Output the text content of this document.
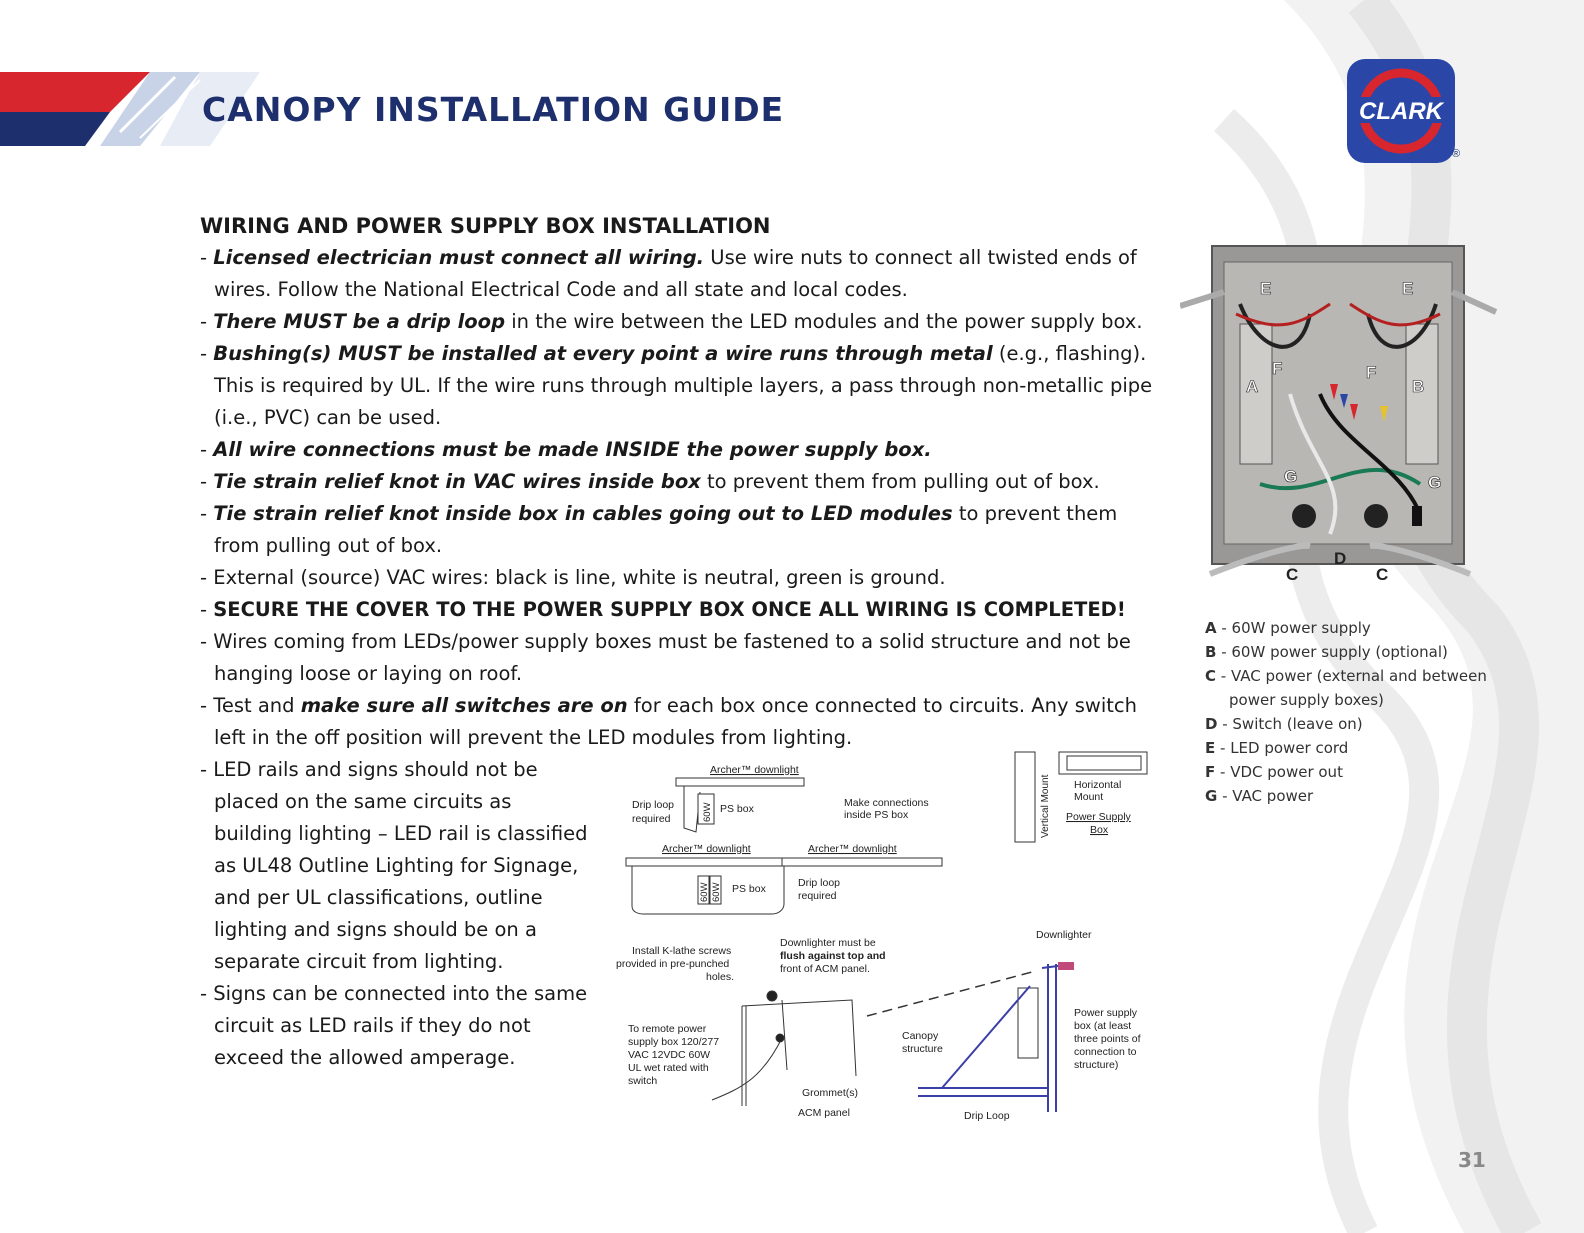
CANOPY INSTALLATION GUIDE	CLARK
®
WIRING AND POWER SUPPLY BOX INSTALLATION
- Licensed electrician must connect all wiring. Use wire nuts to connect all twisted ends of wires. Follow the National Electrical Code and all state and local codes.
- There MUST be a drip loop in the wire between the LED modules and the power supply box.
- Bushing(s) MUST be installed at every point a wire runs through metal (e.g., flashing). This is required by UL. If the wire runs through multiple layers, a pass through non-metallic pipe (i.e., PVC) can be used.
- All wire connections must be made INSIDE the power supply box.
- Tie strain relief knot in VAC wires inside box to prevent them from pulling out of box.
- Tie strain relief knot inside box in cables going out to LED modules to prevent them from pulling out of box.
- External (source) VAC wires: black is line, white is neutral, green is ground.
- SECURE THE COVER TO THE POWER SUPPLY BOX ONCE ALL WIRING IS COMPLETED!
- Wires coming from LEDs/power supply boxes must be fastened to a solid structure and not be hanging loose or laying on roof.
- Test and make sure all switches are on for each box once connected to circuits. Any switch left in the off position will prevent the LED modules from lighting.
- LED rails and signs should not be placed on the same circuits as building lighting – LED rail is classified as UL48 Outline Lighting for Signage, and per UL classifications, outline lighting and signs should be on a separate circuit from lighting.
- Signs can be connected into the same circuit as LED rails if they do not exceed the allowed amperage.
E	E
F	F
A	B
G	G
D
C	C
A - 60W power supply
B - 60W power supply (optional)
C - VAC power (external and between
power supply boxes)
D - Switch (leave on)
E - LED power cord
F - VDC power out
G - VAC power
Archer™ downlight
Drip loop
required
PS box	Make connections
inside PS box
60W	Vertical Mount Horizontal
Mount
Power Supply
Box
Archer™ downlight	Archer™ downlight
60W 60W PS box	Drip loop
required
Install K-lathe screws
provided in pre-punched
holes.
Downlighter must be
flush against top and
front of ACM panel.
To remote power
supply box 120/277
VAC 12VDC 60W
UL wet rated with
switch
Grommet(s)
ACM panel
Downlighter
Canopy
structure
Power supply
box (at least
three points of
connection to
structure)
Drip Loop
31
